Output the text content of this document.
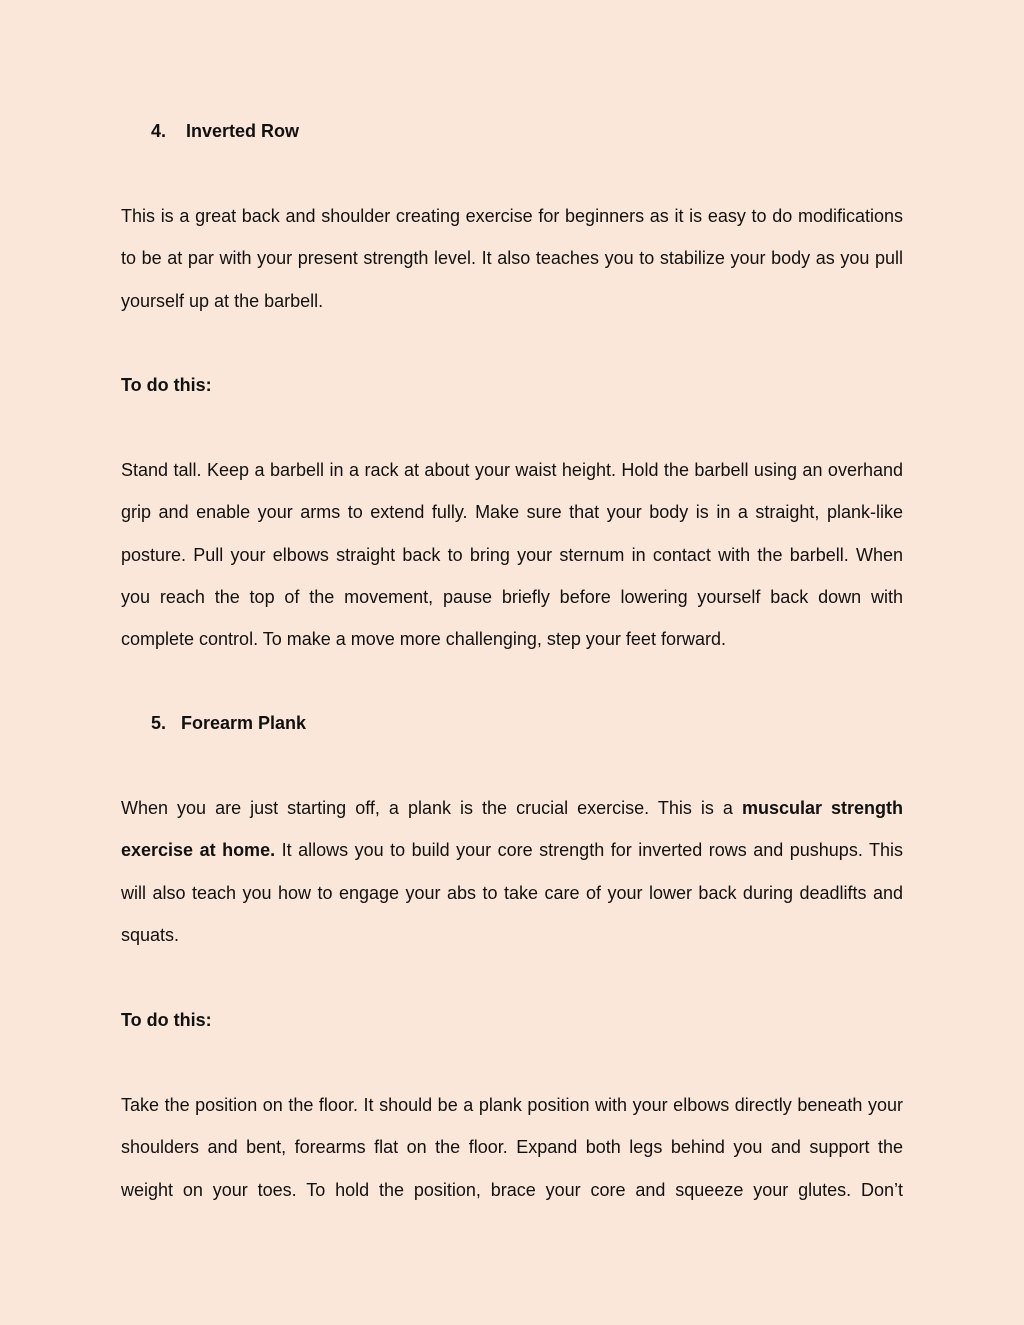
4. Inverted Row

This is a great back and shoulder creating exercise for beginners as it is easy to do modifications to be at par with your present strength level. It also teaches you to stabilize your body as you pull yourself up at the barbell.

To do this:

Stand tall. Keep a barbell in a rack at about your waist height. Hold the barbell using an overhand grip and enable your arms to extend fully. Make sure that your body is in a straight, plank-like posture. Pull your elbows straight back to bring your sternum in contact with the barbell. When you reach the top of the movement, pause briefly before lowering yourself back down with complete control. To make a move more challenging, step your feet forward.

5. Forearm Plank

When you are just starting off, a plank is the crucial exercise. This is a muscular strength exercise at home. It allows you to build your core strength for inverted rows and pushups. This will also teach you how to engage your abs to take care of your lower back during deadlifts and squats.

To do this:

Take the position on the floor. It should be a plank position with your elbows directly beneath your shoulders and bent, forearms flat on the floor. Expand both legs behind you and support the weight on your toes. To hold the position, brace your core and squeeze your glutes. Don’t
